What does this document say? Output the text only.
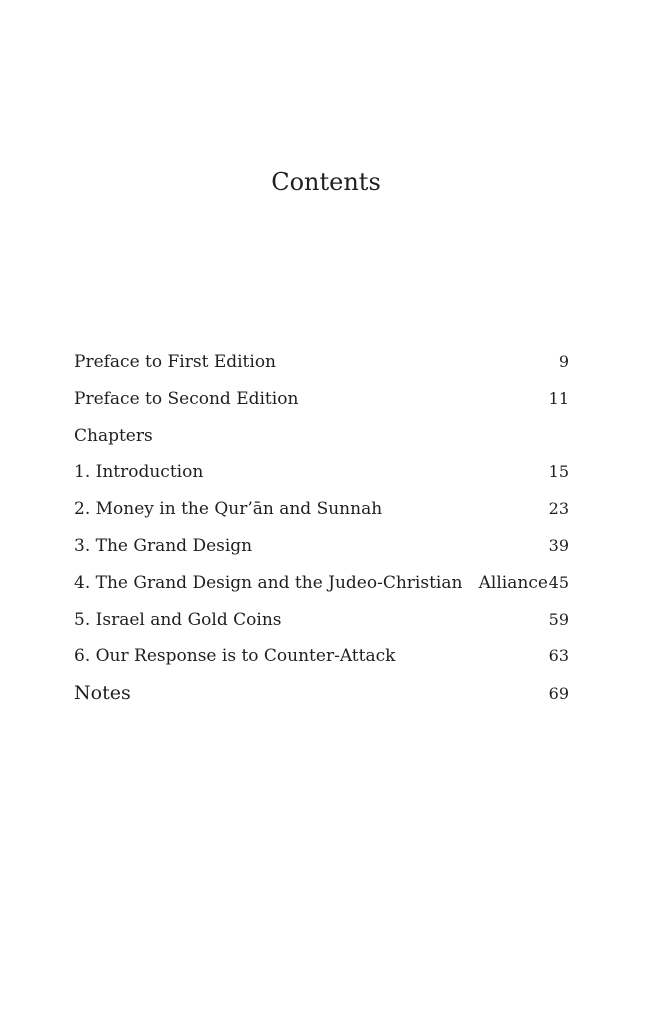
Contents
Preface to First Edition	9
Preface to Second Edition	11
Chapters
1. Introduction	15
2. Money in the Qur’ān and Sunnah	23
3. The Grand Design	39
4. The Grand Design and the Judeo-Christian   Alliance 45
5. Israel and Gold Coins	59
6. Our Response is to Counter-Attack	63
Notes	69
